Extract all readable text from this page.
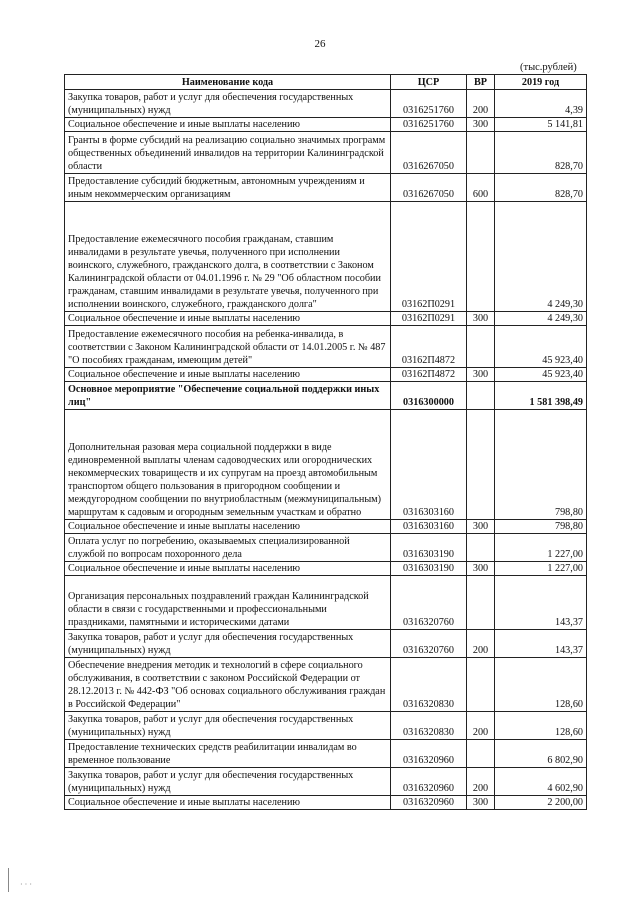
26
(тыс.рублей)
Наименование кода	ЦСР	ВР	2019 год
Закупка товаров, работ и услуг для обеспечения государственных (муниципальных) нужд	0316251760	200	4,39
Социальное обеспечение и иные выплаты населению	0316251760	300	5 141,81
Гранты в форме субсидий на реализацию социально значимых программ общественных объединений инвалидов на территории Калининградской области	0316267050		828,70
Предоставление субсидий бюджетным, автономным учреждениям и иным некоммерческим организациям	0316267050	600	828,70
Предоставление ежемесячного пособия гражданам, ставшим инвалидами в результате увечья, полученного при исполнении воинского, служебного, гражданского долга, в соответствии с Законом Калининградской области от 04.01.1996 г. № 29 "Об областном пособии гражданам, ставшим инвалидами в результате увечья, полученного при исполнении воинского, служебного, гражданского долга"	03162П0291		4 249,30
Социальное обеспечение и иные выплаты населению	03162П0291	300	4 249,30
Предоставление ежемесячного пособия на ребенка-инвалида, в соответствии с Законом Калининградской области от 14.01.2005 г. № 487 "О пособиях гражданам, имеющим детей"	03162П4872		45 923,40
Социальное обеспечение и иные выплаты населению	03162П4872	300	45 923,40
Основное мероприятие "Обеспечение социальной поддержки иных лиц"	0316300000		1 581 398,49
Дополнительная разовая мера социальной поддержки в виде единовременной выплаты членам садоводческих или огороднических некоммерческих товариществ и их супругам на проезд автомобильным транспортом общего пользования в пригородном сообщении и междугородном сообщении по внутриобластным (межмуниципальным) маршрутам к садовым и огородным земельным участкам и обратно	0316303160		798,80
Социальное обеспечение и иные выплаты населению	0316303160	300	798,80
Оплата услуг по погребению, оказываемых специализированной службой по вопросам похоронного дела	0316303190		1 227,00
Социальное обеспечение и иные выплаты населению	0316303190	300	1 227,00
Организация персональных поздравлений граждан Калининградской области в связи с государственными и профессиональными праздниками, памятными и историческими датами	0316320760		143,37
Закупка товаров, работ и услуг для обеспечения государственных (муниципальных) нужд	0316320760	200	143,37
Обеспечение внедрения методик и технологий в сфере социального обслуживания, в соответствии с законом Российской Федерации от 28.12.2013 г. № 442-ФЗ "Об основах социального обслуживания граждан в Российской Федерации"	0316320830		128,60
Закупка товаров, работ и услуг для обеспечения государственных (муниципальных) нужд	0316320830	200	128,60
Предоставление технических средств реабилитации инвалидам во временное пользование	0316320960		6 802,90
Закупка товаров, работ и услуг для обеспечения государственных (муниципальных) нужд	0316320960	200	4 602,90
Социальное обеспечение и иные выплаты населению	0316320960	300	2 200,00
· · ·
